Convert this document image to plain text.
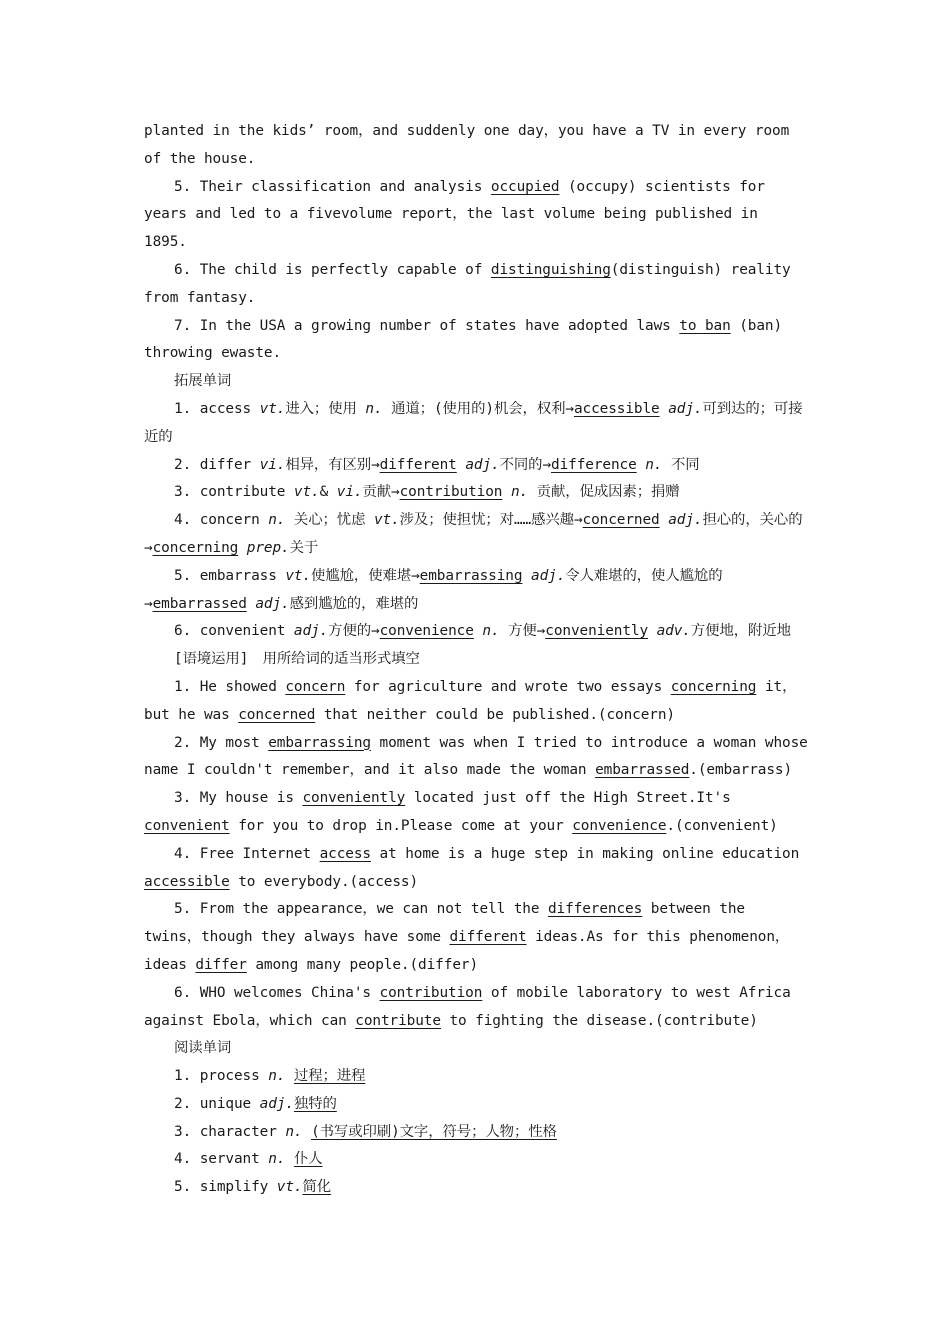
planted in the kids’ room，and suddenly one day，you have a TV in every room of the house.

5. Their classification and analysis occupied (occupy) scientists for years and led to a fivevolume report，the last volume being published in 1895.

6. The child is perfectly capable of distinguishing(distinguish) reality from fantasy.

7. In the USA a growing number of states have adopted laws to ban (ban) throwing ewaste.

拓展单词

1. access vt.进入；使用 n. 通道；(使用的)机会，权利→accessible adj.可到达的；可接近的

2. differ vi.相异，有区别→different adj.不同的→difference n. 不同

3. contribute vt.& vi.贡献→contribution n. 贡献，促成因素；捐赠

4. concern n. 关心；忧虑 vt.涉及；使担忧；对……感兴趣→concerned adj.担心的，关心的→concerning prep.关于

5. embarrass vt.使尴尬，使难堪→embarrassing adj.令人难堪的，使人尴尬的→embarrassed adj.感到尴尬的，难堪的

6. convenient adj.方便的→convenience n. 方便→conveniently adv.方便地，附近地

[语境运用]　用所给词的适当形式填空

1. He showed concern for agriculture and wrote two essays concerning it，but he was concerned that neither could be published.(concern)

2. My most embarrassing moment was when I tried to introduce a woman whose name I couldn't remember，and it also made the woman embarrassed.(embarrass)

3. My house is conveniently located just off the High Street.It's convenient for you to drop in.Please come at your convenience.(convenient)

4. Free Internet access at home is a huge step in making online education accessible to everybody.(access)

5. From the appearance，we can not tell the differences between the twins，though they always have some different ideas.As for this phenomenon，ideas differ among many people.(differ)

6. WHO welcomes China's contribution of mobile laboratory to west Africa against Ebola，which can contribute to fighting the disease.(contribute)

阅读单词

1. process n. 过程；进程

2. unique adj.独特的

3. character n. (书写或印刷)文字，符号；人物；性格

4. servant n. 仆人

5. simplify vt.简化
